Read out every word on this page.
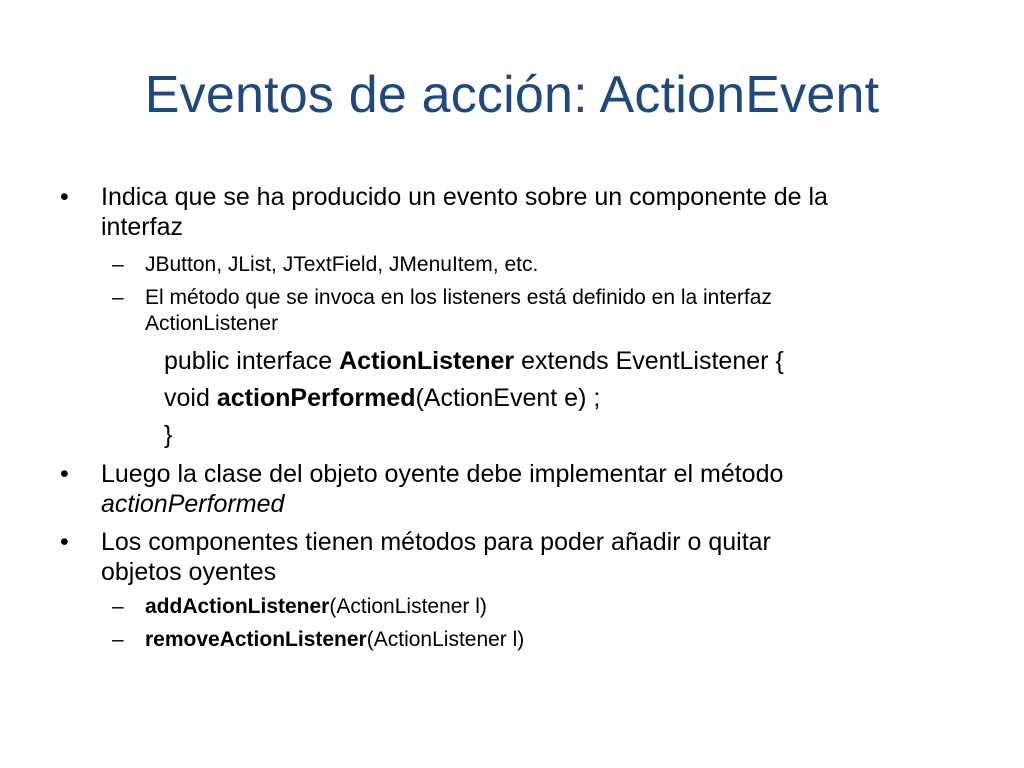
Eventos de acción: ActionEvent
• Indica que se ha producido un evento sobre un componente de la
interfaz
– JButton, JList, JTextField, JMenuItem, etc.
– El método que se invoca en los listeners está definido en la interfaz
ActionListener
public interface ActionListener extends EventListener {
void actionPerformed(ActionEvent e) ;
}
• Luego la clase del objeto oyente debe implementar el método
actionPerformed
• Los componentes tienen métodos para poder añadir o quitar
objetos oyentes
– addActionListener(ActionListener l)
– removeActionListener(ActionListener l)
